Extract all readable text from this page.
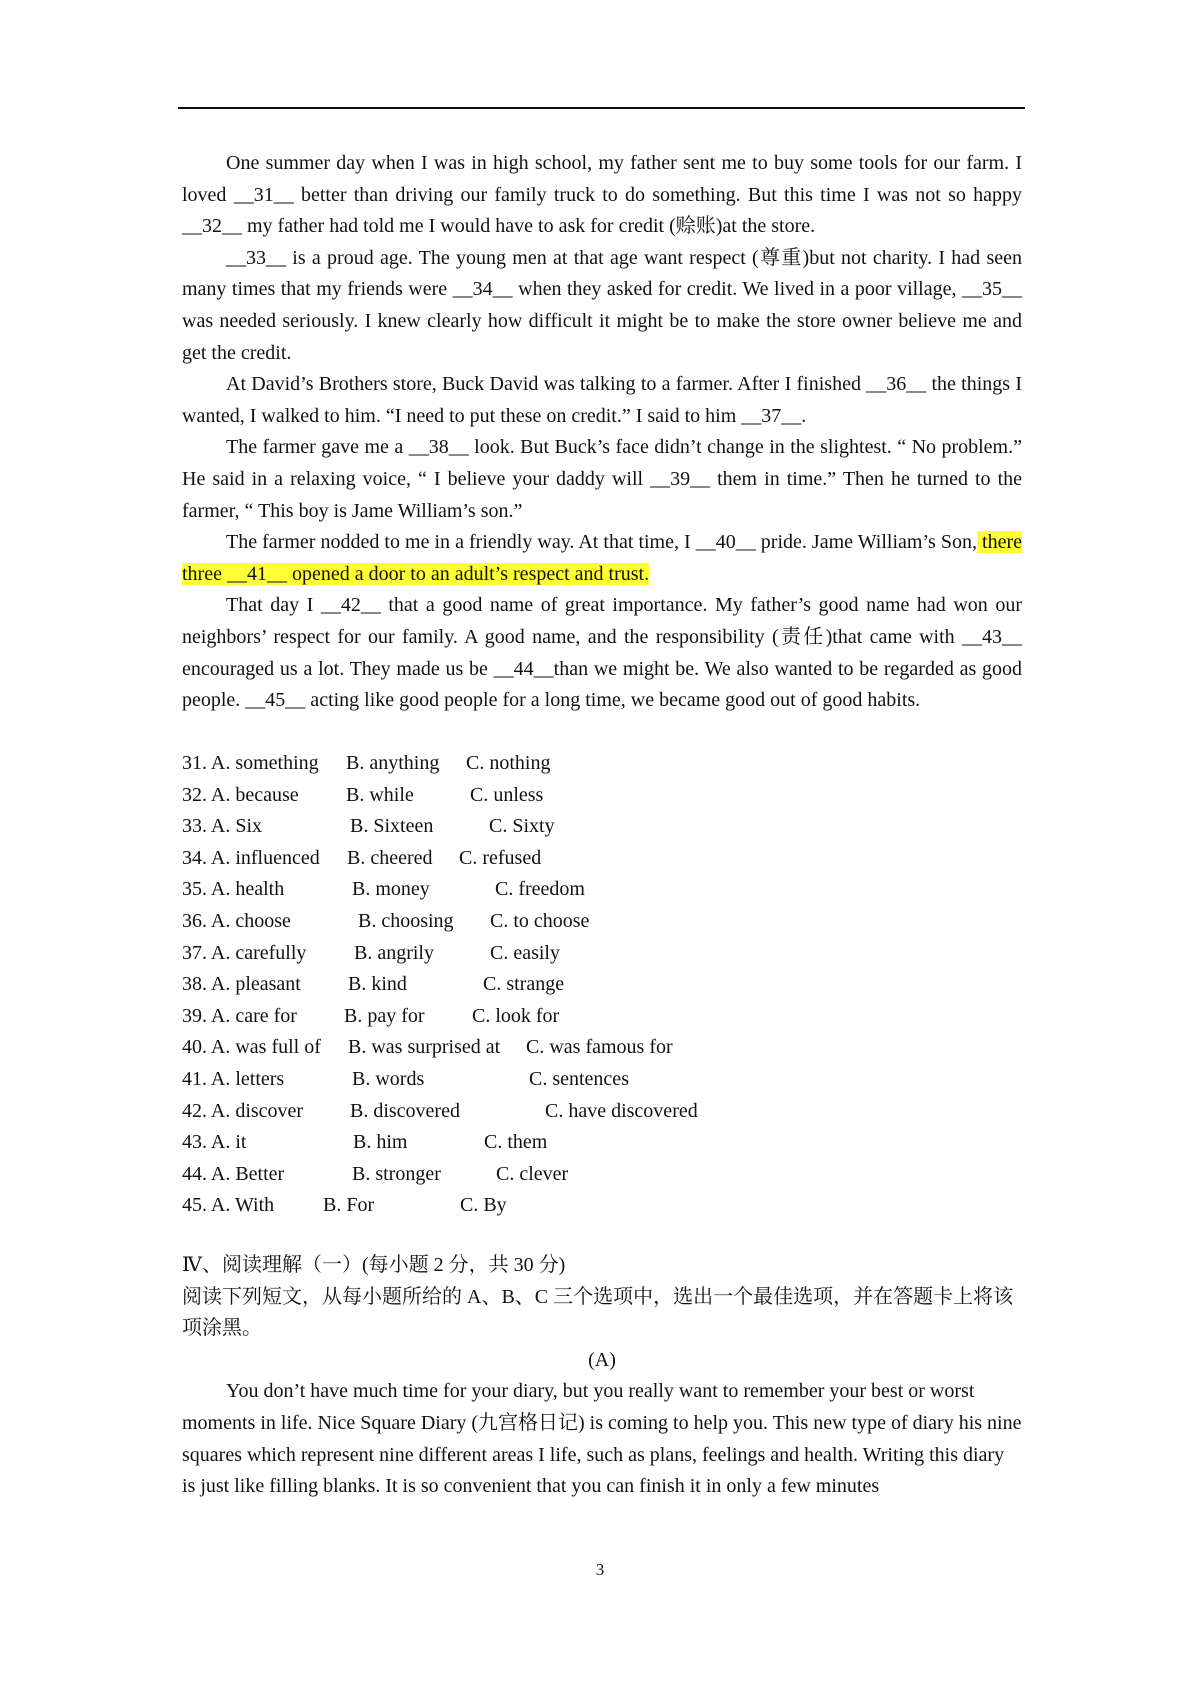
One summer day when I was in high school, my father sent me to buy some tools for our farm. I loved __31__ better than driving our family truck to do something. But this time I was not so happy __32__ my father had told me I would have to ask for credit (赊账)at the store.

__33__ is a proud age. The young men at that age want respect (尊重)but not charity. I had seen many times that my friends were __34__ when they asked for credit. We lived in a poor village, __35__ was needed seriously. I knew clearly how difficult it might be to make the store owner believe me and get the credit.

At David’s Brothers store, Buck David was talking to a farmer. After I finished __36__ the things I wanted, I walked to him. “I need to put these on credit.” I said to him __37__.

The farmer gave me a __38__ look. But Buck’s face didn’t change in the slightest. “ No problem.” He said in a relaxing voice, “ I believe your daddy will __39__ them in time.” Then he turned to the farmer, “ This boy is Jame William’s son.”

The farmer nodded to me in a friendly way. At that time, I __40__ pride. Jame William’s Son, there three __41__ opened a door to an adult’s respect and trust.

That day I __42__ that a good name of great importance. My father’s good name had won our neighbors’ respect for our family. A good name, and the responsibility (责任)that came with __43__ encouraged us a lot. They made us be __44__than we might be. We also wanted to be regarded as good people. __45__ acting like good people for a long time, we became good out of good habits.

31. A. something B. anything C. nothing
32. A. because B. while	C. unless
33. A. Six	B. Sixteen	C. Sixty
34. A. influenced B. cheered C. refused
35. A. health	B. money	C. freedom
36. A. choose	B. choosing C. to choose
37. A. carefully B. angrily	C. easily
38. A. pleasant B. kind	C. strange
39. A. care for B. pay for C. look for
40. A. was full of B. was surprised at C. was famous for
41. A. letters	B. words	C. sentences
42. A. discover B. discovered	C. have discovered
43. A. it	B. him	C. them
44. A. Better	B. stronger	C. clever
45. A. With B. For	C. By

Ⅳ、阅读理解（一）(每小题 2 分，共 30 分)

阅读下列短文，从每小题所给的 A、B、C 三个选项中，选出一个最佳选项，并在答题卡上将该项涂黑。

(A)

You don’t have much time for your diary, but you really want to remember your best or worst moments in life. Nice Square Diary (九宫格日记) is coming to help you. This new type of diary his nine squares which represent nine different areas I life, such as plans, feelings and health. Writing this diary is just like filling blanks. It is so convenient that you can finish it in only a few minutes

3
